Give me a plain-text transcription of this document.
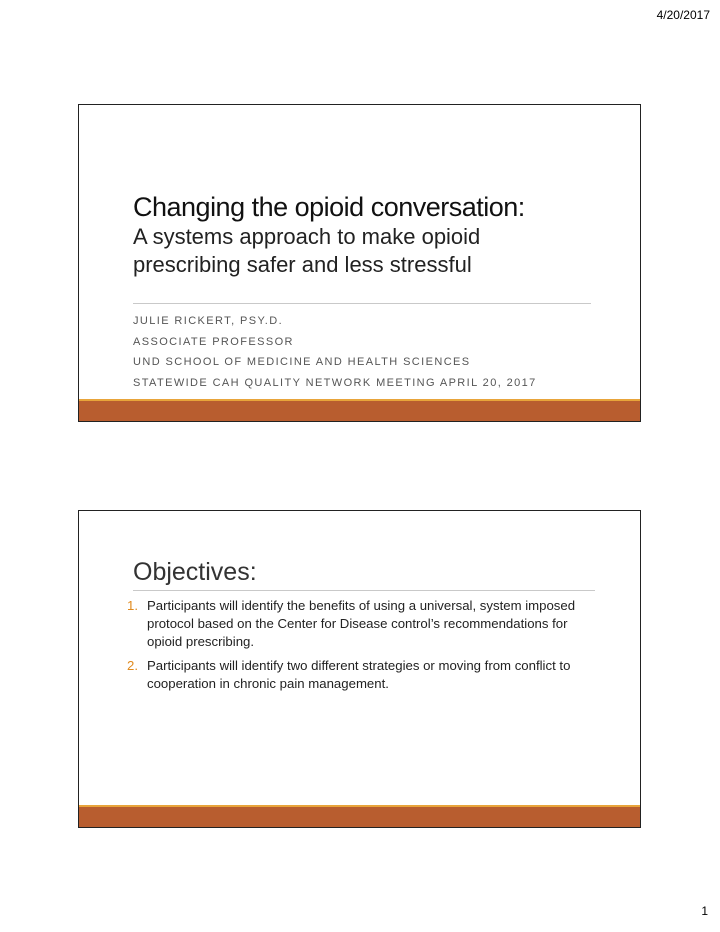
4/20/2017
Changing the opioid conversation:
A systems approach to make opioid
prescribing safer and less stressful
JULIE RICKERT, PSY.D.
ASSOCIATE PROFESSOR
UND SCHOOL OF MEDICINE AND HEALTH SCIENCES
STATEWIDE CAH QUALITY NETWORK MEETING APRIL 20, 2017
Objectives:
1. Participants will identify the benefits of using a universal, system imposed protocol based on the Center for Disease control’s recommendations for opioid prescribing.
2. Participants will identify two different strategies or moving from conflict to cooperation in chronic pain management.
1
